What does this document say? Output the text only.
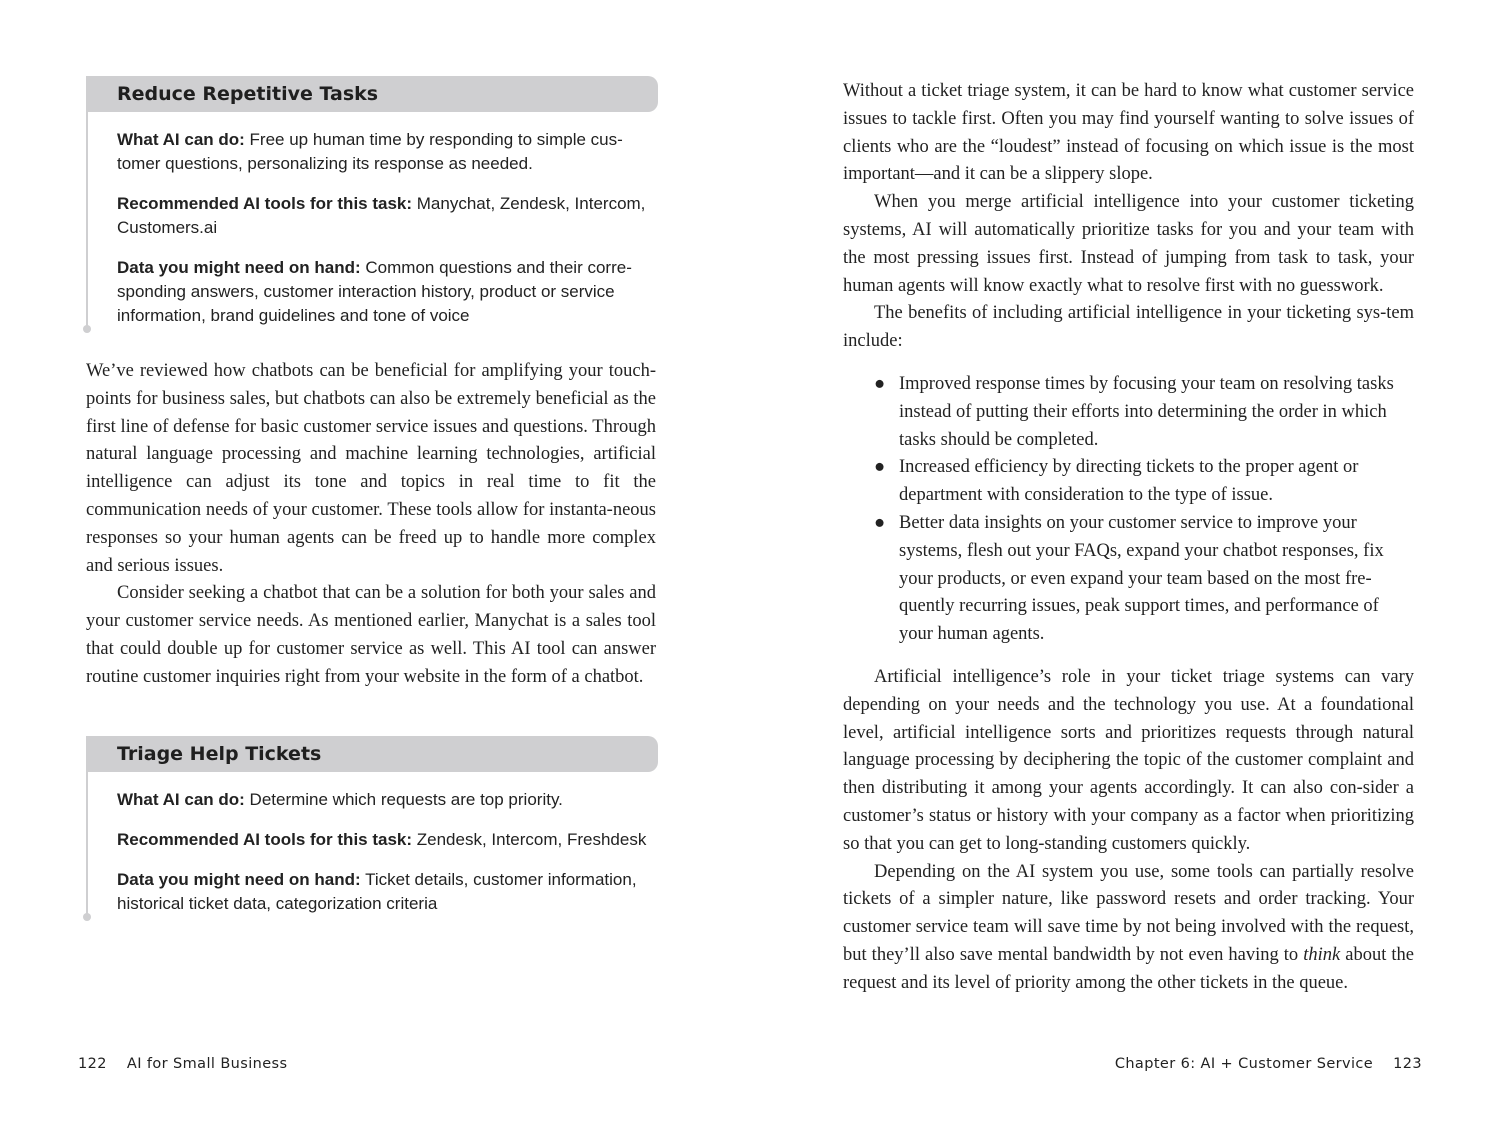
Reduce Repetitive Tasks
What AI can do: Free up human time by responding to simple cus-tomer questions, personalizing its response as needed.
Recommended AI tools for this task: Manychat, Zendesk, Intercom, Customers.ai
Data you might need on hand: Common questions and their corre-sponding answers, customer interaction history, product or service information, brand guidelines and tone of voice

We’ve reviewed how chatbots can be beneficial for amplifying your touch-points for business sales, but chatbots can also be extremely beneficial as the first line of defense for basic customer service issues and questions. Through natural language processing and machine learning technologies, artificial intelligence can adjust its tone and topics in real time to fit the communication needs of your customer. These tools allow for instanta-neous responses so your human agents can be freed up to handle more complex and serious issues.

Consider seeking a chatbot that can be a solution for both your sales and your customer service needs. As mentioned earlier, Manychat is a sales tool that could double up for customer service as well. This AI tool can answer routine customer inquiries right from your website in the form of a chatbot.

Triage Help Tickets
What AI can do: Determine which requests are top priority.
Recommended AI tools for this task: Zendesk, Intercom, Freshdesk
Data you might need on hand: Ticket details, customer information, historical ticket data, categorization criteria
122 AI for Small Business

Without a ticket triage system, it can be hard to know what customer service issues to tackle first. Often you may find yourself wanting to solve issues of clients who are the “loudest” instead of focusing on which issue is the most important—and it can be a slippery slope.

When you merge artificial intelligence into your customer ticketing systems, AI will automatically prioritize tasks for you and your team with the most pressing issues first. Instead of jumping from task to task, your human agents will know exactly what to resolve first with no guesswork.

The benefits of including artificial intelligence in your ticketing sys-tem include:

● Improved response times by focusing your team on resolving tasks instead of putting their efforts into determining the order in which tasks should be completed.
● Increased efficiency by directing tickets to the proper agent or department with consideration to the type of issue.
● Better data insights on your customer service to improve your systems, flesh out your FAQs, expand your chatbot responses, fix your products, or even expand your team based on the most fre-quently recurring issues, peak support times, and performance of your human agents.

Artificial intelligence’s role in your ticket triage systems can vary depending on your needs and the technology you use. At a foundational level, artificial intelligence sorts and prioritizes requests through natural language processing by deciphering the topic of the customer complaint and then distributing it among your agents accordingly. It can also con-sider a customer’s status or history with your company as a factor when prioritizing so that you can get to long-standing customers quickly.

Depending on the AI system you use, some tools can partially resolve tickets of a simpler nature, like password resets and order tracking. Your customer service team will save time by not being involved with the request, but they’ll also save mental bandwidth by not even having to think about the request and its level of priority among the other tickets in the queue.

Chapter 6: AI + Customer Service 123
